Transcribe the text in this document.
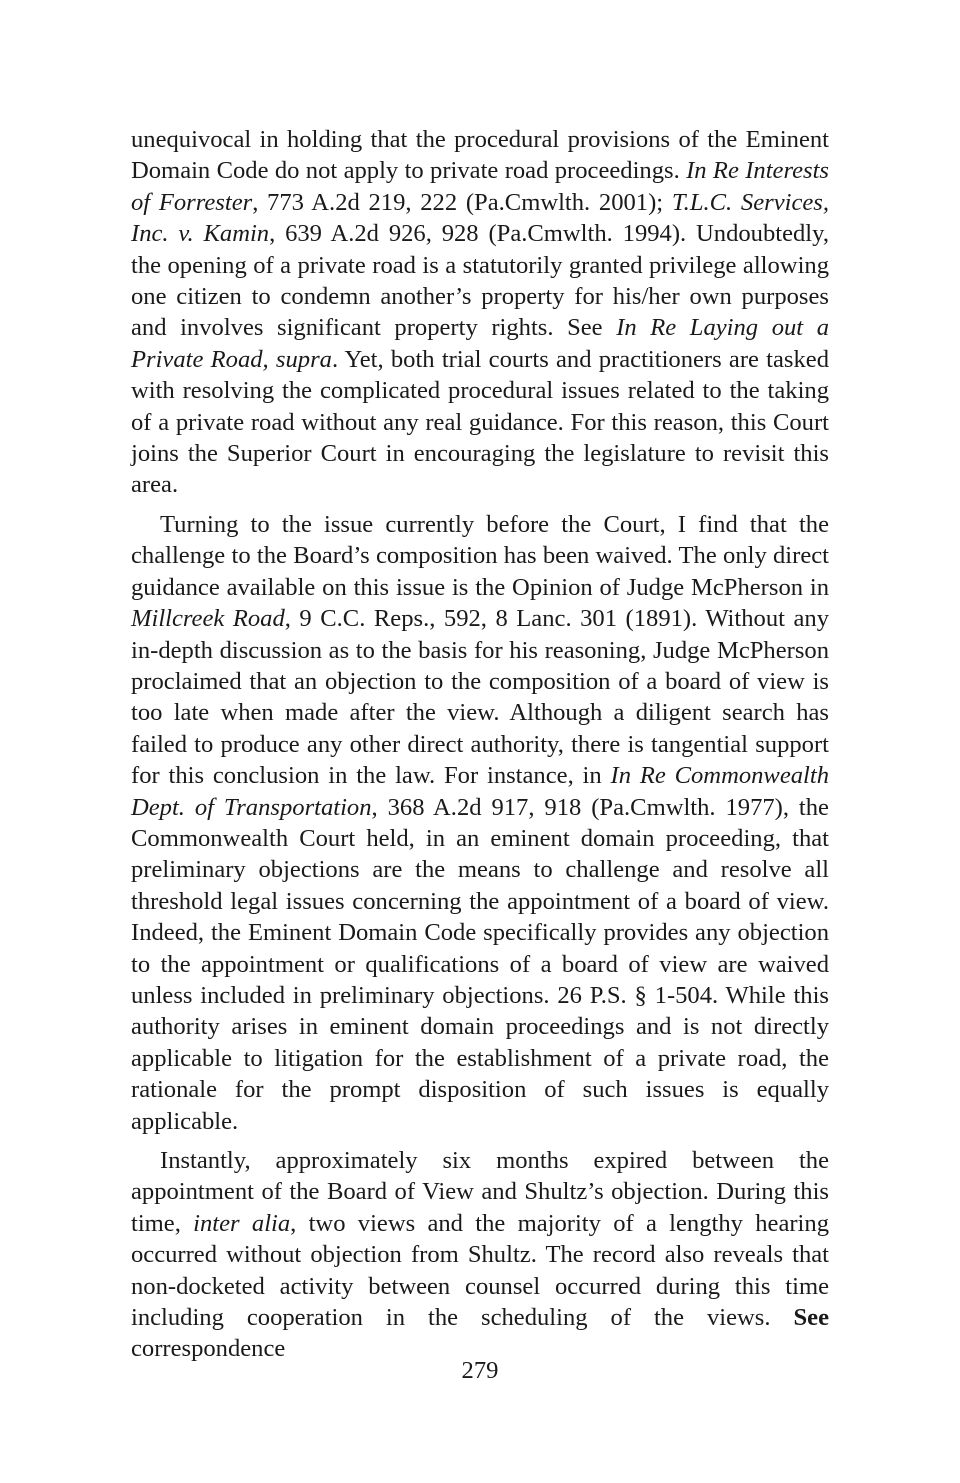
unequivocal in holding that the procedural provisions of the Eminent Domain Code do not apply to private road proceedings. In Re Interests of Forrester, 773 A.2d 219, 222 (Pa.Cmwlth. 2001); T.L.C. Services, Inc. v. Kamin, 639 A.2d 926, 928 (Pa.Cmwlth. 1994). Undoubtedly, the opening of a private road is a statutorily granted privilege allowing one citizen to condemn another’s property for his/her own purposes and involves significant property rights. See In Re Laying out a Private Road, supra. Yet, both trial courts and practitioners are tasked with resolving the complicated procedural issues related to the taking of a private road without any real guidance. For this reason, this Court joins the Superior Court in encouraging the legislature to revisit this area.

Turning to the issue currently before the Court, I find that the challenge to the Board’s composition has been waived. The only direct guidance available on this issue is the Opinion of Judge McPherson in Millcreek Road, 9 C.C. Reps., 592, 8 Lanc. 301 (1891). Without any in-depth discussion as to the basis for his reasoning, Judge McPherson proclaimed that an objection to the composition of a board of view is too late when made after the view. Although a diligent search has failed to produce any other direct authority, there is tangential support for this conclusion in the law. For instance, in In Re Commonwealth Dept. of Transportation, 368 A.2d 917, 918 (Pa.Cmwlth. 1977), the Commonwealth Court held, in an eminent domain proceeding, that preliminary objections are the means to challenge and resolve all threshold legal issues concerning the appointment of a board of view. Indeed, the Eminent Domain Code specifically provides any objection to the appointment or qualifications of a board of view are waived unless included in preliminary objections. 26 P.S. § 1-504. While this authority arises in eminent domain proceedings and is not directly applicable to litigation for the establishment of a private road, the rationale for the prompt disposition of such issues is equally applicable.

Instantly, approximately six months expired between the appointment of the Board of View and Shultz’s objection. During this time, inter alia, two views and the majority of a lengthy hearing occurred without objection from Shultz. The record also reveals that non-docketed activity between counsel occurred during this time including cooperation in the scheduling of the views. See correspondence

279
